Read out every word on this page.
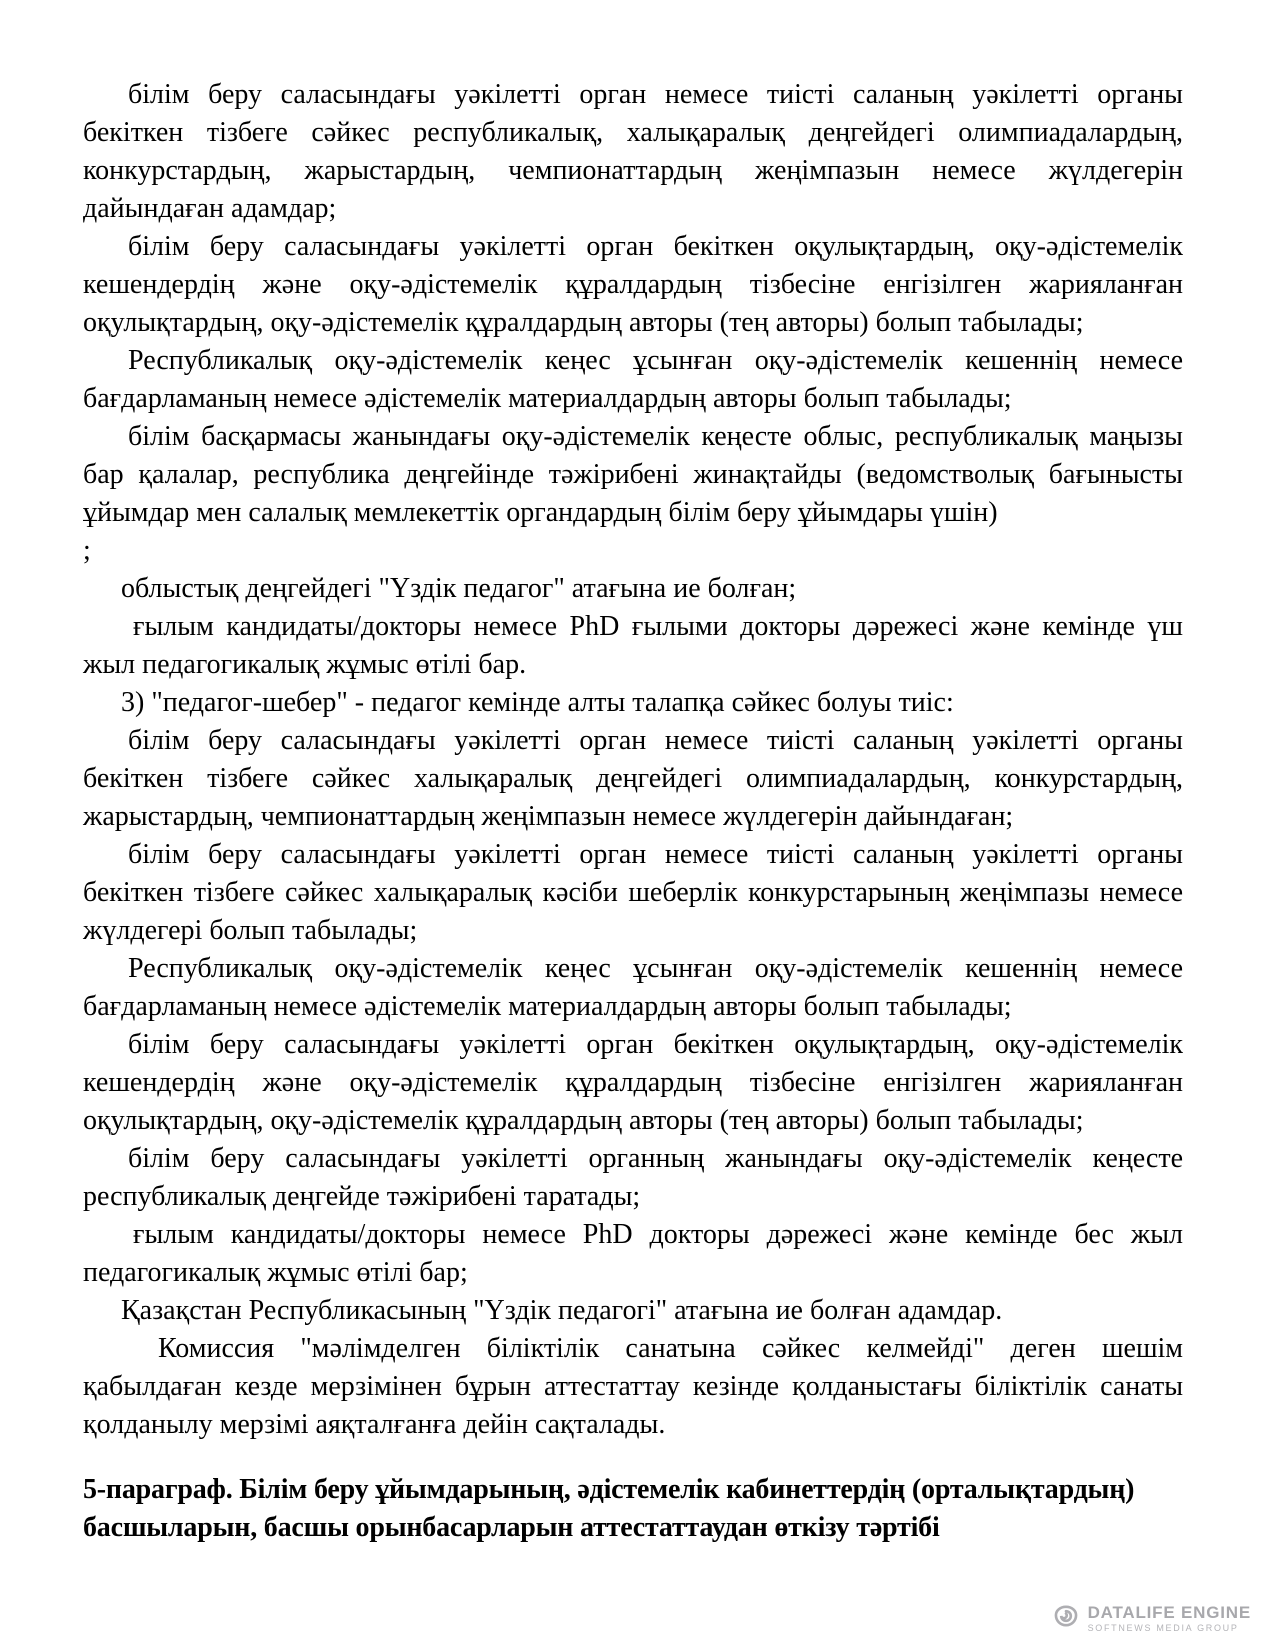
білім беру саласындағы уәкілетті орган немесе тиісті саланың уәкілетті органы бекіткен тізбеге сәйкес республикалық, халықаралық деңгейдегі олимпиадалардың, конкурстардың, жарыстардың, чемпионаттардың жеңімпазын немесе жүлдегерін дайындаған адамдар;

білім беру саласындағы уәкілетті орган бекіткен оқулықтардың, оқу-әдістемелік кешендердің және оқу-әдістемелік құралдардың тізбесіне енгізілген жарияланған оқулықтардың, оқу-әдістемелік құралдардың авторы (тең авторы) болып табылады;

Республикалық оқу-әдістемелік кеңес ұсынған оқу-әдістемелік кешеннің немесе бағдарламаның немесе әдістемелік материалдардың авторы болып табылады;

білім басқармасы жанындағы оқу-әдістемелік кеңесте облыс, республикалық маңызы бар қалалар, республика деңгейінде тәжірибені жинақтайды (ведомстволық бағынысты ұйымдар мен салалық мемлекеттік органдардың білім беру ұйымдары үшін)

;

облыстық деңгейдегі "Үздік педагог" атағына ие болған;

ғылым кандидаты/докторы немесе PhD ғылыми докторы дәрежесі және кемінде үш жыл педагогикалық жұмыс өтілі бар.

3) "педагог-шебер" - педагог кемінде алты талапқа сәйкес болуы тиіс:

білім беру саласындағы уәкілетті орган немесе тиісті саланың уәкілетті органы бекіткен тізбеге сәйкес халықаралық деңгейдегі олимпиадалардың, конкурстардың, жарыстардың, чемпионаттардың жеңімпазын немесе жүлдегерін дайындаған;

білім беру саласындағы уәкілетті орган немесе тиісті саланың уәкілетті органы бекіткен тізбеге сәйкес халықаралық кәсіби шеберлік конкурстарының жеңімпазы немесе жүлдегері болып табылады;

Республикалық оқу-әдістемелік кеңес ұсынған оқу-әдістемелік кешеннің немесе бағдарламаның немесе әдістемелік материалдардың авторы болып табылады;

білім беру саласындағы уәкілетті орган бекіткен оқулықтардың, оқу-әдістемелік кешендердің және оқу-әдістемелік құралдардың тізбесіне енгізілген жарияланған оқулықтардың, оқу-әдістемелік құралдардың авторы (тең авторы) болып табылады;

білім беру саласындағы уәкілетті органның жанындағы оқу-әдістемелік кеңесте республикалық деңгейде тәжірибені таратады;

ғылым кандидаты/докторы немесе PhD докторы дәрежесі және кемінде бес жыл педагогикалық жұмыс өтілі бар;

Қазақстан Республикасының "Үздік педагогі" атағына ие болған адамдар.

Комиссия "мәлімделген біліктілік санатына сәйкес келмейді" деген шешім қабылдаған кезде мерзімінен бұрын аттестаттау кезінде қолданыстағы біліктілік санаты қолданылу мерзімі аяқталғанға дейін сақталады.

5-параграф. Білім беру ұйымдарының, әдістемелік кабинеттердің (орталықтардың) басшыларын, басшы орынбасарларын аттестаттаудан өткізу тәртібі
DATALIFE ENGINE
SOFTNEWS MEDIA GROUP
